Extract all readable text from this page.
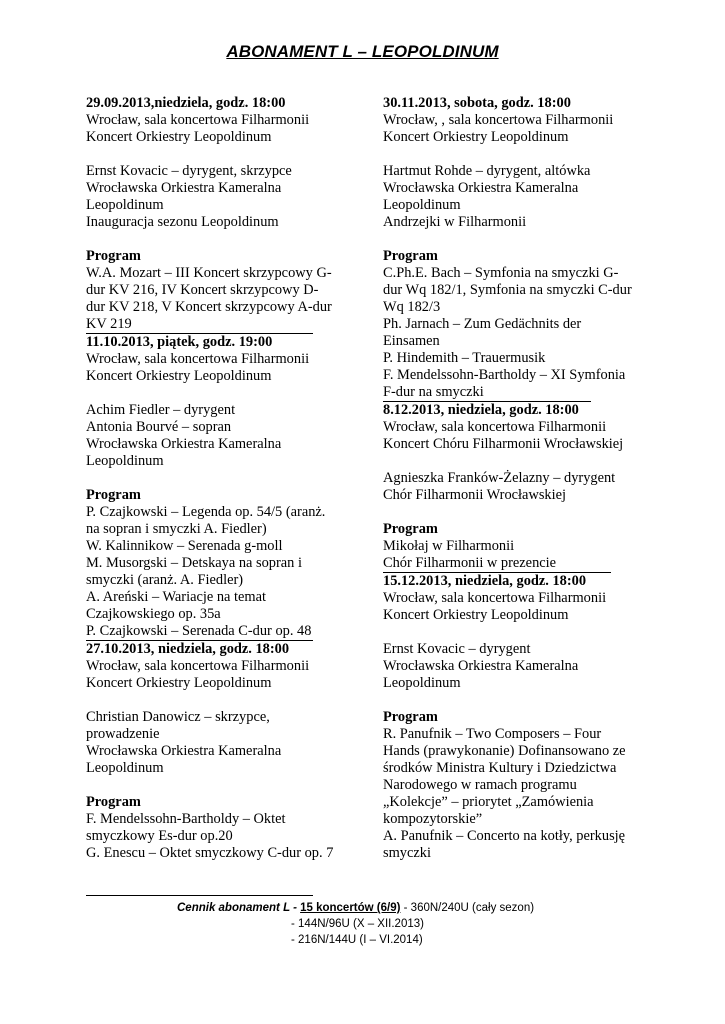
ABONAMENT L – LEOPOLDINUM
29.09.2013,niedziela, godz. 18:00
Wrocław, sala koncertowa Filharmonii
Koncert Orkiestry Leopoldinum
Ernst Kovacic – dyrygent, skrzypce
Wrocławska Orkiestra Kameralna
Leopoldinum
Inauguracja sezonu Leopoldinum
Program
W.A. Mozart – III Koncert skrzypcowy G-
dur KV 216, IV Koncert skrzypcowy D-
dur KV 218, V Koncert skrzypcowy A-dur
KV 219
11.10.2013, piątek, godz. 19:00
Wrocław, sala koncertowa Filharmonii
Koncert Orkiestry Leopoldinum
Achim Fiedler – dyrygent
Antonia Bourvé – sopran
Wrocławska Orkiestra Kameralna
Leopoldinum
Program
P. Czajkowski – Legenda op. 54/5 (aranż.
na sopran i smyczki A. Fiedler)
W. Kalinnikow – Serenada g-moll
M. Musorgski – Detskaya na sopran i
smyczki (aranż. A. Fiedler)
A. Areński – Wariacje na temat
Czajkowskiego op. 35a
P. Czajkowski – Serenada C-dur op. 48
27.10.2013, niedziela, godz. 18:00
Wrocław, sala koncertowa Filharmonii
Koncert Orkiestry Leopoldinum
Christian Danowicz – skrzypce,
prowadzenie
Wrocławska Orkiestra Kameralna
Leopoldinum
Program
F. Mendelssohn-Bartholdy – Oktet
smyczkowy Es-dur op.20
G. Enescu – Oktet smyczkowy C-dur op. 7
30.11.2013, sobota, godz. 18:00
Wrocław, , sala koncertowa Filharmonii
Koncert Orkiestry Leopoldinum
Hartmut Rohde – dyrygent, altówka
Wrocławska Orkiestra Kameralna
Leopoldinum
Andrzejki w Filharmonii
Program
C.Ph.E. Bach – Symfonia na smyczki G-
dur Wq 182/1, Symfonia na smyczki C-dur
Wq 182/3
Ph. Jarnach – Zum Gedächnits der
Einsamen
P. Hindemith – Trauermusik
F. Mendelssohn-Bartholdy – XI Symfonia
F-dur na smyczki
8.12.2013, niedziela, godz. 18:00
Wrocław, sala koncertowa Filharmonii
Koncert Chóru Filharmonii Wrocławskiej
Agnieszka Franków-Żelazny – dyrygent
Chór Filharmonii Wrocławskiej
Program
Mikołaj w Filharmonii
Chór Filharmonii w prezencie
15.12.2013, niedziela, godz. 18:00
Wrocław, sala koncertowa Filharmonii
Koncert Orkiestry Leopoldinum
Ernst Kovacic – dyrygent
Wrocławska Orkiestra Kameralna
Leopoldinum
Program
R. Panufnik – Two Composers – Four
Hands (prawykonanie) Dofinansowano ze
środków Ministra Kultury i Dziedzictwa
Narodowego w ramach programu
„Kolekcje” – priorytet „Zamówienia
kompozytorskie”
A. Panufnik – Concerto na kotły, perkusję
smyczki
Cennik abonament L - 15 koncertów (6/9) - 360N/240U (cały sezon)
- 144N/96U (X – XII.2013)
- 216N/144U (I – VI.2014)
